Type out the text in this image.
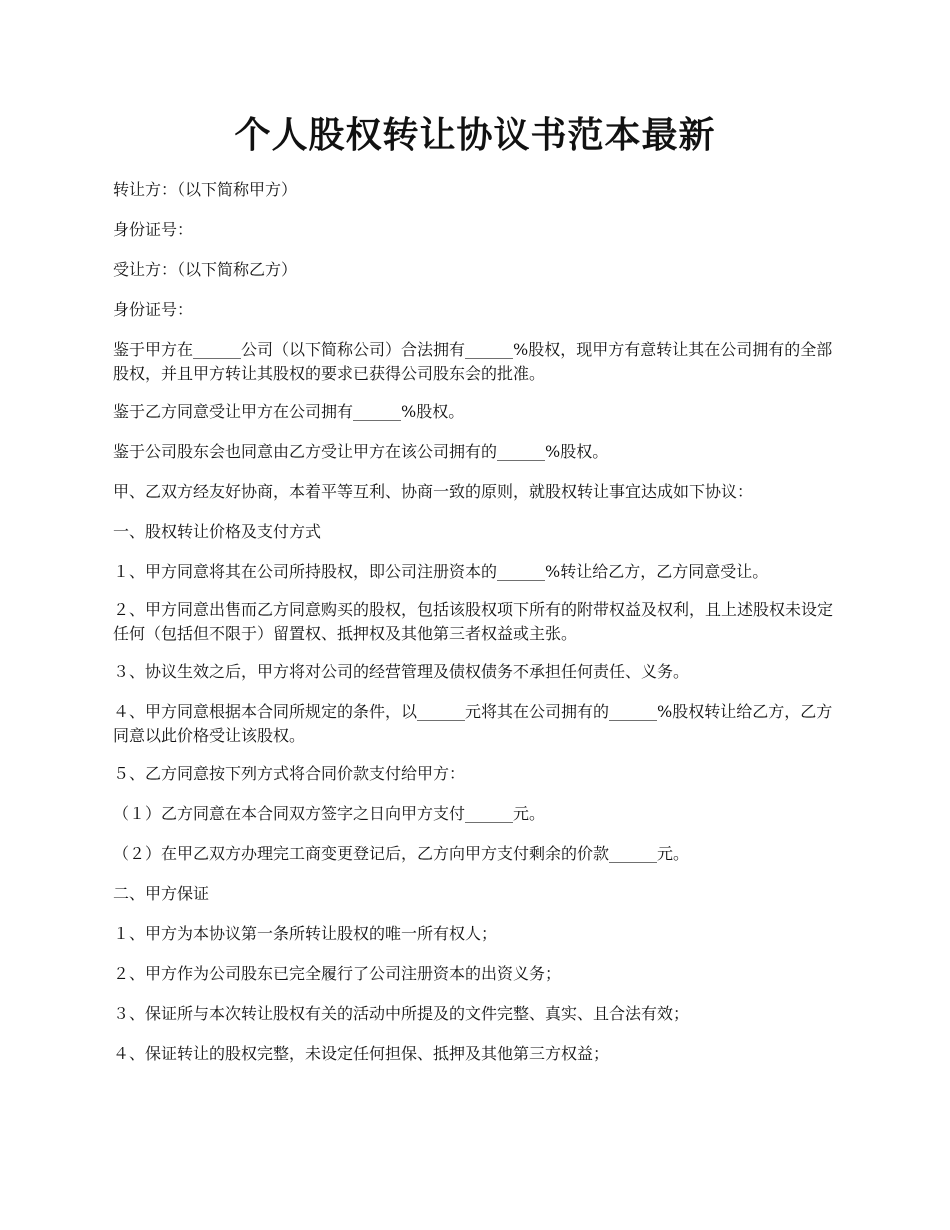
个人股权转让协议书范本最新

转让方：（以下简称甲方）

身份证号：

受让方：（以下简称乙方）

身份证号：

鉴于甲方在______公司（以下简称公司）合法拥有______%股权，现甲方有意转让其在公司拥有的全部股权，并且甲方转让其股权的要求已获得公司股东会的批准。

鉴于乙方同意受让甲方在公司拥有______%股权。

鉴于公司股东会也同意由乙方受让甲方在该公司拥有的______%股权。

甲、乙双方经友好协商，本着平等互利、协商一致的原则，就股权转让事宜达成如下协议：

一、股权转让价格及支付方式

１、甲方同意将其在公司所持股权，即公司注册资本的______%转让给乙方，乙方同意受让。

２、甲方同意出售而乙方同意购买的股权，包括该股权项下所有的附带权益及权利，且上述股权未设定任何（包括但不限于）留置权、抵押权及其他第三者权益或主张。

３、协议生效之后，甲方将对公司的经营管理及债权债务不承担任何责任、义务。

４、甲方同意根据本合同所规定的条件，以______元将其在公司拥有的______%股权转让给乙方，乙方同意以此价格受让该股权。

５、乙方同意按下列方式将合同价款支付给甲方：

（１）乙方同意在本合同双方签字之日向甲方支付______元。

（２）在甲乙双方办理完工商变更登记后，乙方向甲方支付剩余的价款______元。

二、甲方保证

１、甲方为本协议第一条所转让股权的唯一所有权人；

２、甲方作为公司股东已完全履行了公司注册资本的出资义务；

３、保证所与本次转让股权有关的活动中所提及的文件完整、真实、且合法有效；

４、保证转让的股权完整，未设定任何担保、抵押及其他第三方权益；
